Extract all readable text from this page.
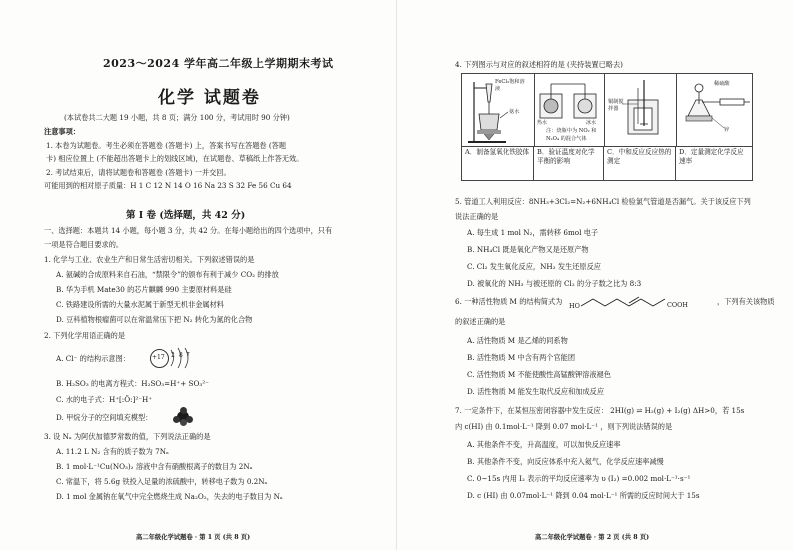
2023～2024 学年高二年级上学期期末考试
化学 试题卷
(本试卷共二大题 19 小题，共 8 页；满分 100 分，考试用时 90 分钟)
注意事项：
1. 本卷为试题卷。考生必须在答题卷 (答题卡) 上，答案书写在答题卷 (答题
卡) 相应位置上 (不能超出答题卡上的划线区域)，在试题卷、草稿纸上作答无效。
2. 考试结束后，请将试题卷和答题卷 (答题卡) 一并交回。
可能用到的相对原子质量：H 1 C 12 N 14 O 16 Na 23 S 32 Fe 56 Cu 64
第 Ⅰ 卷 (选择题，共 42 分)
一、选择题：本题共 14 小题，每小题 3 分，共 42 分。在每小题给出的四个选项中，只有
一项是符合题目要求的。
1. 化学与工业、农业生产和日常生活密切相关。下列叙述错误的是
A. 氨碱的合成原料来自石油，“禁限令”的颁布有利于减少 CO₂ 的排放
B. 华为手机 Mate30 的芯片麒麟 990 主要原材料是硅
C. 铁路建设所需的大量水泥属于新型无机非金属材料
D. 豆科植物根瘤菌可以在常温常压下把 N₂ 转化为氮的化合物
2. 下列化学用语正确的是
A. Cl⁻ 的结构示意图：	+17 2 8 7
B. H₂SO₃ 的电离方程式：H₂SO₃=H⁺+ SO₃²⁻
C. 水的电子式：H⁺[:Ö:]²⁻H⁺
D. 甲烷分子的空间填充模型：
3. 设 Nₐ 为阿伏加德罗常数的值，下列说法正确的是
A. 11.2 L N₂ 含有的质子数为 7Nₐ
B. 1 mol·L⁻¹Cu(NO₃)₂ 溶液中含有硝酸根离子的数目为 2Nₐ
C. 常温下，将 5.6g 铁投入足量的浓硫酸中，转移电子数为 0.2Nₐ
D. 1 mol 金属钠在氧气中完全燃烧生成 Na₂O₂，失去的电子数目为 Nₐ
高二年级化学试题卷 · 第 1 页 (共 8 页)
4. 下列图示与对应的叙述相符的是 (夹持装置已略去)
FeCl₃饱和溶液
氨水
热水	冰水
注：烧瓶中为 NO₂ 和
N₂O₄ 的混合气体
铜制搅
拌器
稀硫酸
锌
A．制备氢氧化铁胶体	B．验证温度对化学平衡的影响
C．中和反应反应热的测定
D．定量测定化学反应速率
5. 管道工人利用反应：8NH₃+3Cl₂=N₂+6NH₄Cl 检验氯气管道是否漏气。关于该反应下列
说法正确的是
A. 每生成 1 mol N₂，需转移 6mol 电子
B. NH₄Cl 既是氧化产物又是还原产物
C. Cl₂ 发生氧化反应，NH₃ 发生还原反应
D. 被氧化的 NH₃ 与被还原的 Cl₂ 的分子数之比为 8:3
6. 一种活性物质 M 的结构简式为 HO	COOH	，下列有关该物质
的叙述正确的是
A. 活性物质 M 是乙烯的同系物
B. 活性物质 M 中含有两个官能团
C. 活性物质 M 不能使酸性高锰酸钾溶液褪色
D. 活性物质 M 能发生取代反应和加成反应
7. 一定条件下，在某恒压密闭容器中发生反应： 2HI(g) ⇌ H₂(g) + I₂(g) ΔH>0，若 15s
内 c(HI) 由 0.1mol·L⁻¹ 降到 0.07 mol·L⁻¹ ，则下列说法错误的是
A. 其他条件不变，升高温度，可以加快反应速率
B. 其他条件不变，向反应体系中充入氦气，化学反应速率减慢
C. 0~15s 内用 I₂ 表示的平均反应速率为 υ (I₂) =0.002 mol·L⁻¹·s⁻¹
D. c (HI) 由 0.07mol·L⁻¹ 降到 0.04 mol·L⁻¹ 所需的反应时间大于 15s
高二年级化学试题卷 · 第 2 页 (共 8 页)
